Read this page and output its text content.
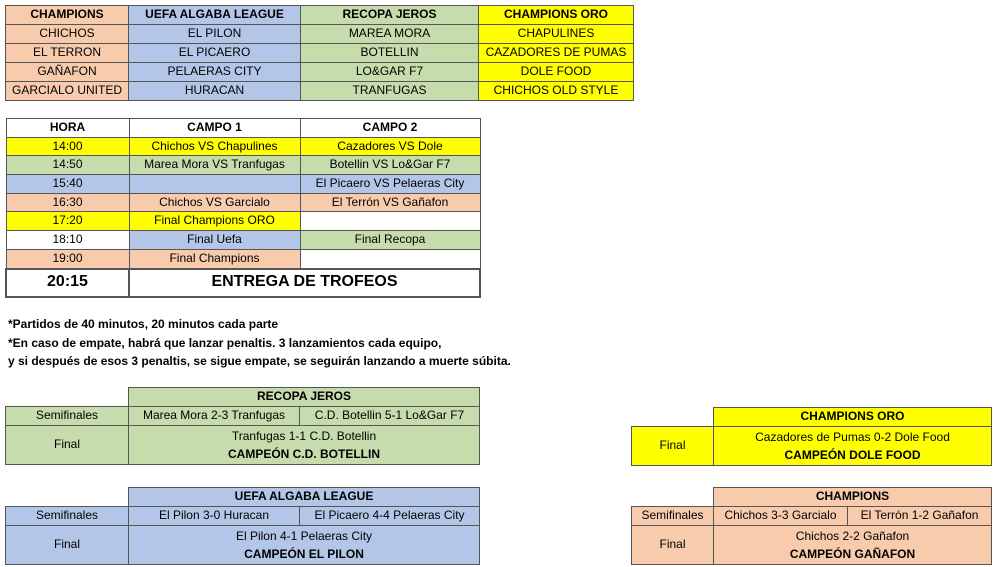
CHAMPIONS	UEFA ALGABA LEAGUE	RECOPA JEROS	CHAMPIONS ORO
CHICHOS	EL PILON	MAREA MORA	CHAPULINES
EL TERRON	EL PICAERO	BOTELLIN	CAZADORES DE PUMAS
GAÑAFON	PELAERAS CITY	LO&GAR F7	DOLE FOOD
GARCIALO UNITED	HURACAN	TRANFUGAS	CHICHOS OLD STYLE
HORA	CAMPO 1	CAMPO 2
14:00	Chichos VS Chapulines	Cazadores VS Dole
14:50	Marea Mora VS Tranfugas	Botellin VS Lo&Gar F7
15:40		El Picaero VS Pelaeras City
16:30	Chichos VS Garcialo	El Terrón VS Gañafon
17:20	Final Champions ORO	
18:10	Final Uefa	Final Recopa
19:00	Final Champions	
20:15	ENTREGA DE TROFEOS	
*Partidos de 40 minutos, 20 minutos cada parte
*En caso de empate, habrá que lanzar penaltis. 3 lanzamientos cada equipo,
y si después de esos 3 penaltis, se sigue empate, se seguirán lanzando a muerte súbita.
	RECOPA JEROS	
Semifinales	Marea Mora 2-3 Tranfugas	C.D. Botellin 5-1 Lo&Gar F7
Final	Tranfugas 1-1 C.D. Botellin
CAMPEÓN C.D. BOTELLIN	
	UEFA ALGABA LEAGUE	
Semifinales	El Pilon 3-0 Huracan	El Picaero 4-4 Pelaeras City
Final	El Pilon 4-1 Pelaeras City
CAMPEÓN EL PILON	
	CHAMPIONS ORO
Final	Cazadores de Pumas 0-2 Dole Food
CAMPEÓN DOLE FOOD
	CHAMPIONS	
Semifinales	Chichos 3-3 Garcialo	El Terrón 1-2 Gañafon
Final	Chichos 2-2 Gañafon
CAMPEÓN GAÑAFON	
